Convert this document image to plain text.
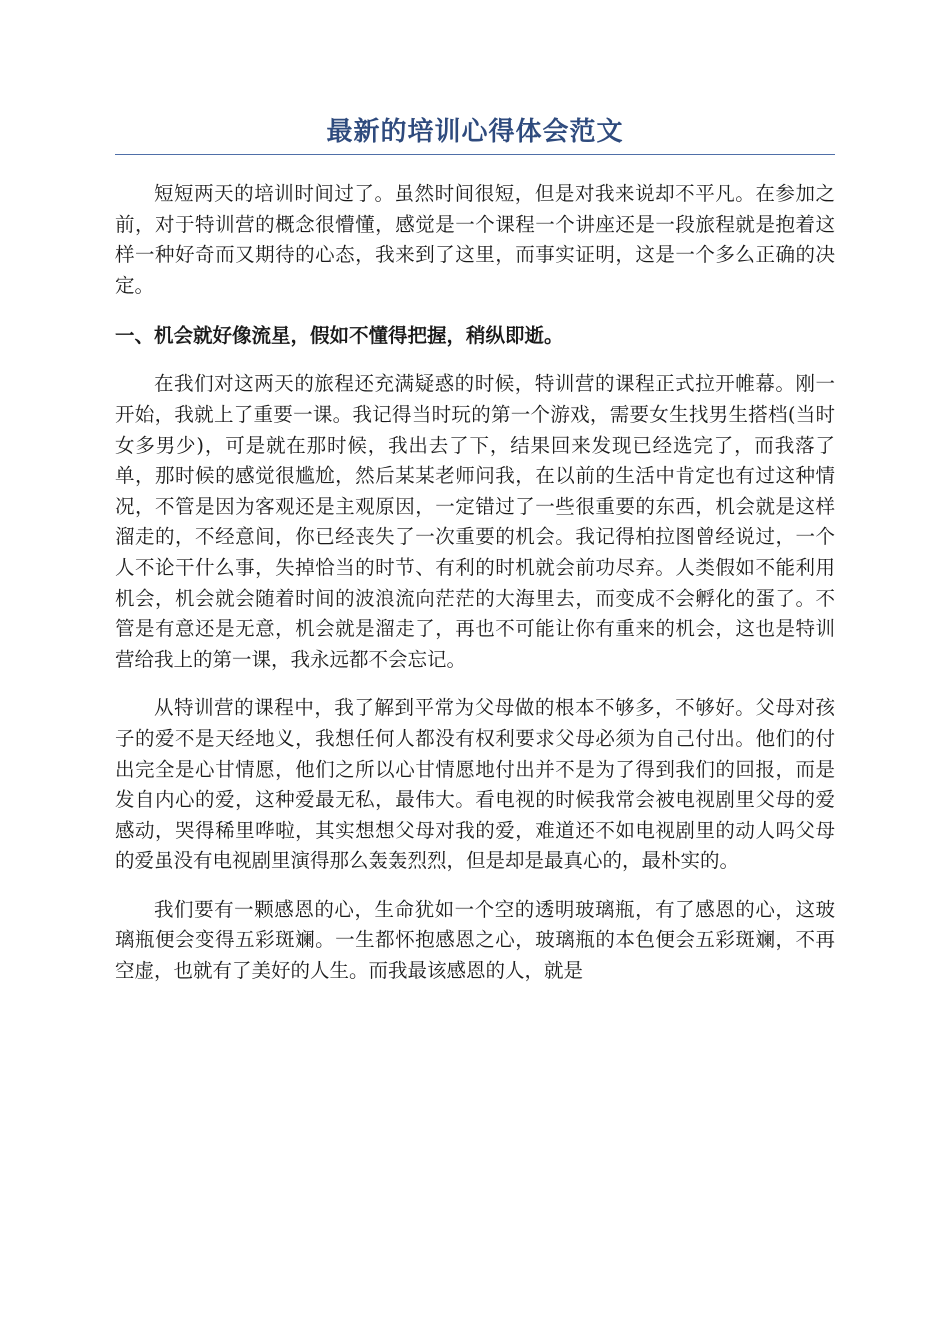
最新的培训心得体会范文

短短两天的培训时间过了。虽然时间很短，但是对我来说却不平凡。在参加之前，对于特训营的概念很懵懂，感觉是一个课程一个讲座还是一段旅程就是抱着这样一种好奇而又期待的心态，我来到了这里，而事实证明，这是一个多么正确的决定。

一、机会就好像流星，假如不懂得把握，稍纵即逝。

在我们对这两天的旅程还充满疑惑的时候，特训营的课程正式拉开帷幕。刚一开始，我就上了重要一课。我记得当时玩的第一个游戏，需要女生找男生搭档(当时女多男少)，可是就在那时候，我出去了下，结果回来发现已经选完了，而我落了单，那时候的感觉很尴尬，然后某某老师问我，在以前的生活中肯定也有过这种情况，不管是因为客观还是主观原因，一定错过了一些很重要的东西，机会就是这样溜走的，不经意间，你已经丧失了一次重要的机会。我记得柏拉图曾经说过，一个人不论干什么事，失掉恰当的时节、有利的时机就会前功尽弃。人类假如不能利用机会，机会就会随着时间的波浪流向茫茫的大海里去，而变成不会孵化的蛋了。不管是有意还是无意，机会就是溜走了，再也不可能让你有重来的机会，这也是特训营给我上的第一课，我永远都不会忘记。

从特训营的课程中，我了解到平常为父母做的根本不够多，不够好。父母对孩子的爱不是天经地义，我想任何人都没有权利要求父母必须为自己付出。他们的付出完全是心甘情愿，他们之所以心甘情愿地付出并不是为了得到我们的回报，而是发自内心的爱，这种爱最无私，最伟大。看电视的时候我常会被电视剧里父母的爱感动，哭得稀里哗啦，其实想想父母对我的爱，难道还不如电视剧里的动人吗父母的爱虽没有电视剧里演得那么轰轰烈烈，但是却是最真心的，最朴实的。

我们要有一颗感恩的心，生命犹如一个空的透明玻璃瓶，有了感恩的心，这玻璃瓶便会变得五彩斑斓。一生都怀抱感恩之心，玻璃瓶的本色便会五彩斑斓，不再空虚，也就有了美好的人生。而我最该感恩的人，就是
